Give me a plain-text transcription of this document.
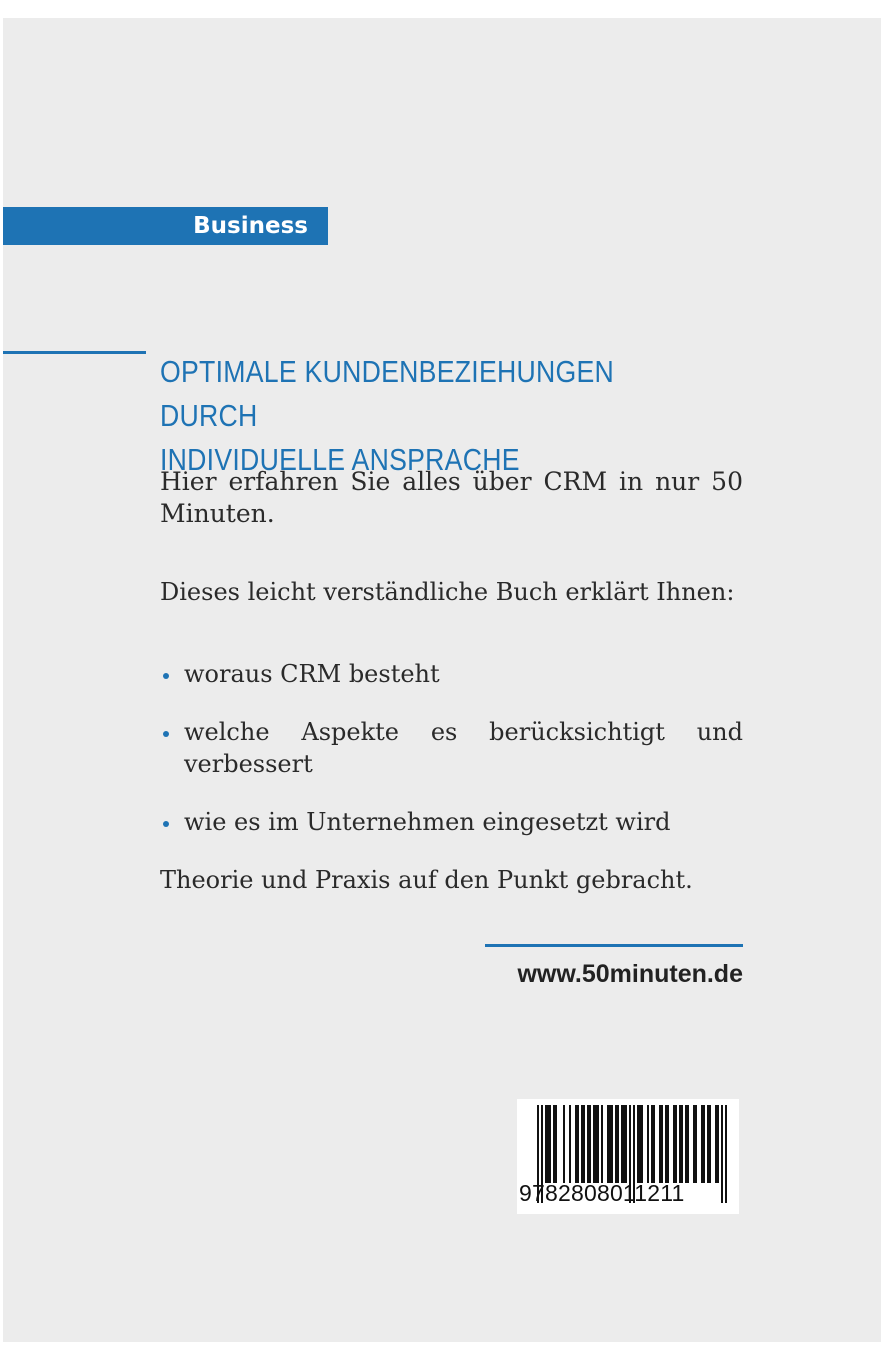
Business
OPTIMALE KUNDENBEZIEHUNGEN DURCH
INDIVIDUELLE ANSPRACHE

Hier erfahren Sie alles über CRM in nur 50 Minuten.

Dieses leicht verständliche Buch erklärt Ihnen:

woraus CRM besteht
welche Aspekte es berücksichtigt und verbessert
wie es im Unternehmen eingesetzt wird

Theorie und Praxis auf den Punkt gebracht.

www.50minuten.de
9782808011211
